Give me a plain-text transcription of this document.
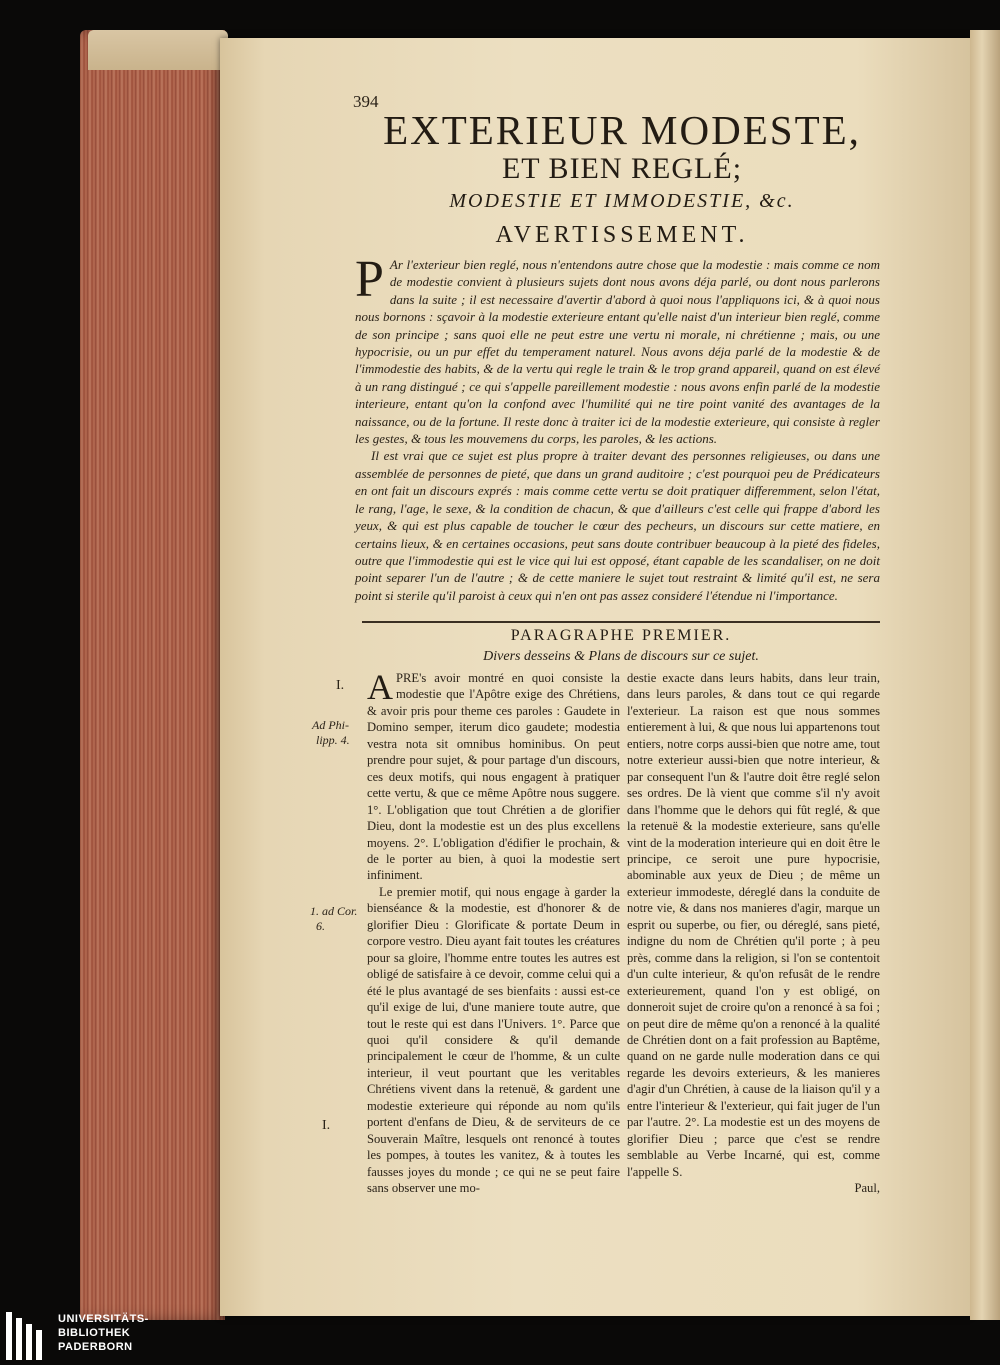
394
EXTERIEUR MODESTE,
ET BIEN REGLÉ;
MODESTIE ET IMMODESTIE, &c.
AVERTISSEMENT.

P Ar l'exterieur bien reglé, nous n'entendons autre chose que la modestie : mais comme ce nom de modestie convient à plusieurs sujets dont nous avons déja parlé, ou dont nous parlerons dans la suite ; il est necessaire d'avertir d'abord à quoi nous l'appliquons ici, & à quoi nous nous bornons : sçavoir à la modestie exterieure entant qu'elle naist d'un interieur bien reglé, comme de son principe ; sans quoi elle ne peut estre une vertu ni morale, ni chrétienne ; mais, ou une hypocrisie, ou un pur effet du temperament naturel. Nous avons déja parlé de la modestie & de l'immodestie des habits, & de la vertu qui regle le train & le trop grand appareil, quand on est élevé à un rang distingué ; ce qui s'appelle pareillement modestie : nous avons enfin parlé de la modestie interieure, entant qu'on la confond avec l'humilité qui ne tire point vanité des avantages de la naissance, ou de la fortune. Il reste donc à traiter ici de la modestie exterieure, qui consiste à regler les gestes, & tous les mouvemens du corps, les paroles, & les actions.

Il est vrai que ce sujet est plus propre à traiter devant des personnes religieuses, ou dans une assemblée de personnes de pieté, que dans un grand auditoire ; c'est pourquoi peu de Prédicateurs en ont fait un discours exprés : mais comme cette vertu se doit pratiquer differemment, selon l'état, le rang, l'age, le sexe, & la condition de chacun, & que d'ailleurs c'est celle qui frappe d'abord les yeux, & qui est plus capable de toucher le cœur des pecheurs, un discours sur cette matiere, en certains lieux, & en certaines occasions, peut sans doute contribuer beaucoup à la pieté des fideles, outre que l'immodestie qui est le vice qui lui est opposé, étant capable de les scandaliser, on ne doit point separer l'un de l'autre ; & de cette maniere le sujet tout restraint & limité qu'il est, ne sera point si sterile qu'il paroist à ceux qui n'en ont pas assez consideré l'étendue ni l'importance.

PARAGRAPHE PREMIER.
Divers desseins & Plans de discours sur ce sujet.

APRE's avoir montré en quoi consiste la modestie que l'Apôtre exige des Chrétiens, & avoir pris pour theme ces paroles : Gaudete in Domino semper, iterum dico gaudete; modestia vestra nota sit omnibus hominibus. On peut prendre pour sujet, & pour partage d'un discours, ces deux motifs, qui nous engagent à pratiquer cette vertu, & que ce même Apôtre nous suggere. 1°. L'obligation que tout Chrétien a de glorifier Dieu, dont la modestie est un des plus excellens moyens. 2°. L'obligation d'édifier le prochain, & de le porter au bien, à quoi la modestie sert infiniment.

Le premier motif, qui nous engage à garder la bienséance & la modestie, est d'honorer & de glorifier Dieu : Glorificate & portate Deum in corpore vestro. Dieu ayant fait toutes les créatures pour sa gloire, l'homme entre toutes les autres est obligé de satisfaire à ce devoir, comme celui qui a été le plus avantagé de ses bienfaits : aussi est-ce qu'il exige de lui, d'une maniere toute autre, que tout le reste qui est dans l'Univers. 1°. Parce que quoi qu'il considere & qu'il demande principalement le cœur de l'homme, & un culte interieur, il veut pourtant que les veritables Chrétiens vivent dans la retenuë, & gardent une modestie exterieure qui réponde au nom qu'ils portent d'enfans de Dieu, & de serviteurs de ce Souverain Maître, lesquels ont renoncé à toutes les pompes, à toutes les vanitez, & à toutes les fausses joyes du monde ; ce qui ne se peut faire sans observer une mo-

destie exacte dans leurs habits, dans leur train, dans leurs paroles, & dans tout ce qui regarde l'exterieur. La raison est que nous sommes entierement à lui, & que nous lui appartenons tout entiers, notre corps aussi-bien que notre ame, tout notre exterieur aussi-bien que notre interieur, & par consequent l'un & l'autre doit être reglé selon ses ordres. De là vient que comme s'il n'y avoit dans l'homme que le dehors qui fût reglé, & que la retenuë & la modestie exterieure, sans qu'elle vint de la moderation interieure qui en doit être le principe, ce seroit une pure hypocrisie, abominable aux yeux de Dieu ; de même un exterieur immodeste, déreglé dans la conduite de notre vie, & dans nos manieres d'agir, marque un esprit ou superbe, ou fier, ou déreglé, sans pieté, indigne du nom de Chrétien qu'il porte ; à peu près, comme dans la religion, si l'on se contentoit d'un culte interieur, & qu'on refusât de le rendre exterieurement, quand l'on y est obligé, on donneroit sujet de croire qu'on a renoncé à sa foi ; on peut dire de même qu'on a renoncé à la qualité de Chrétien dont on a fait profession au Baptême, quand on ne garde nulle moderation dans ce qui regarde les devoirs exterieurs, & les manieres d'agir d'un Chrétien, à cause de la liaison qu'il y a entre l'interieur & l'exterieur, qui fait juger de l'un par l'autre. 2°. La modestie est un des moyens de glorifier Dieu ; parce que c'est se rendre semblable au Verbe Incarné, qui est, comme l'appelle S.

Paul,
I.
Ad Phi-
lipp. 4.
1. ad Cor.
6.
I.
UNIVERSITÄTS-
BIBLIOTHEK
PADERBORN
